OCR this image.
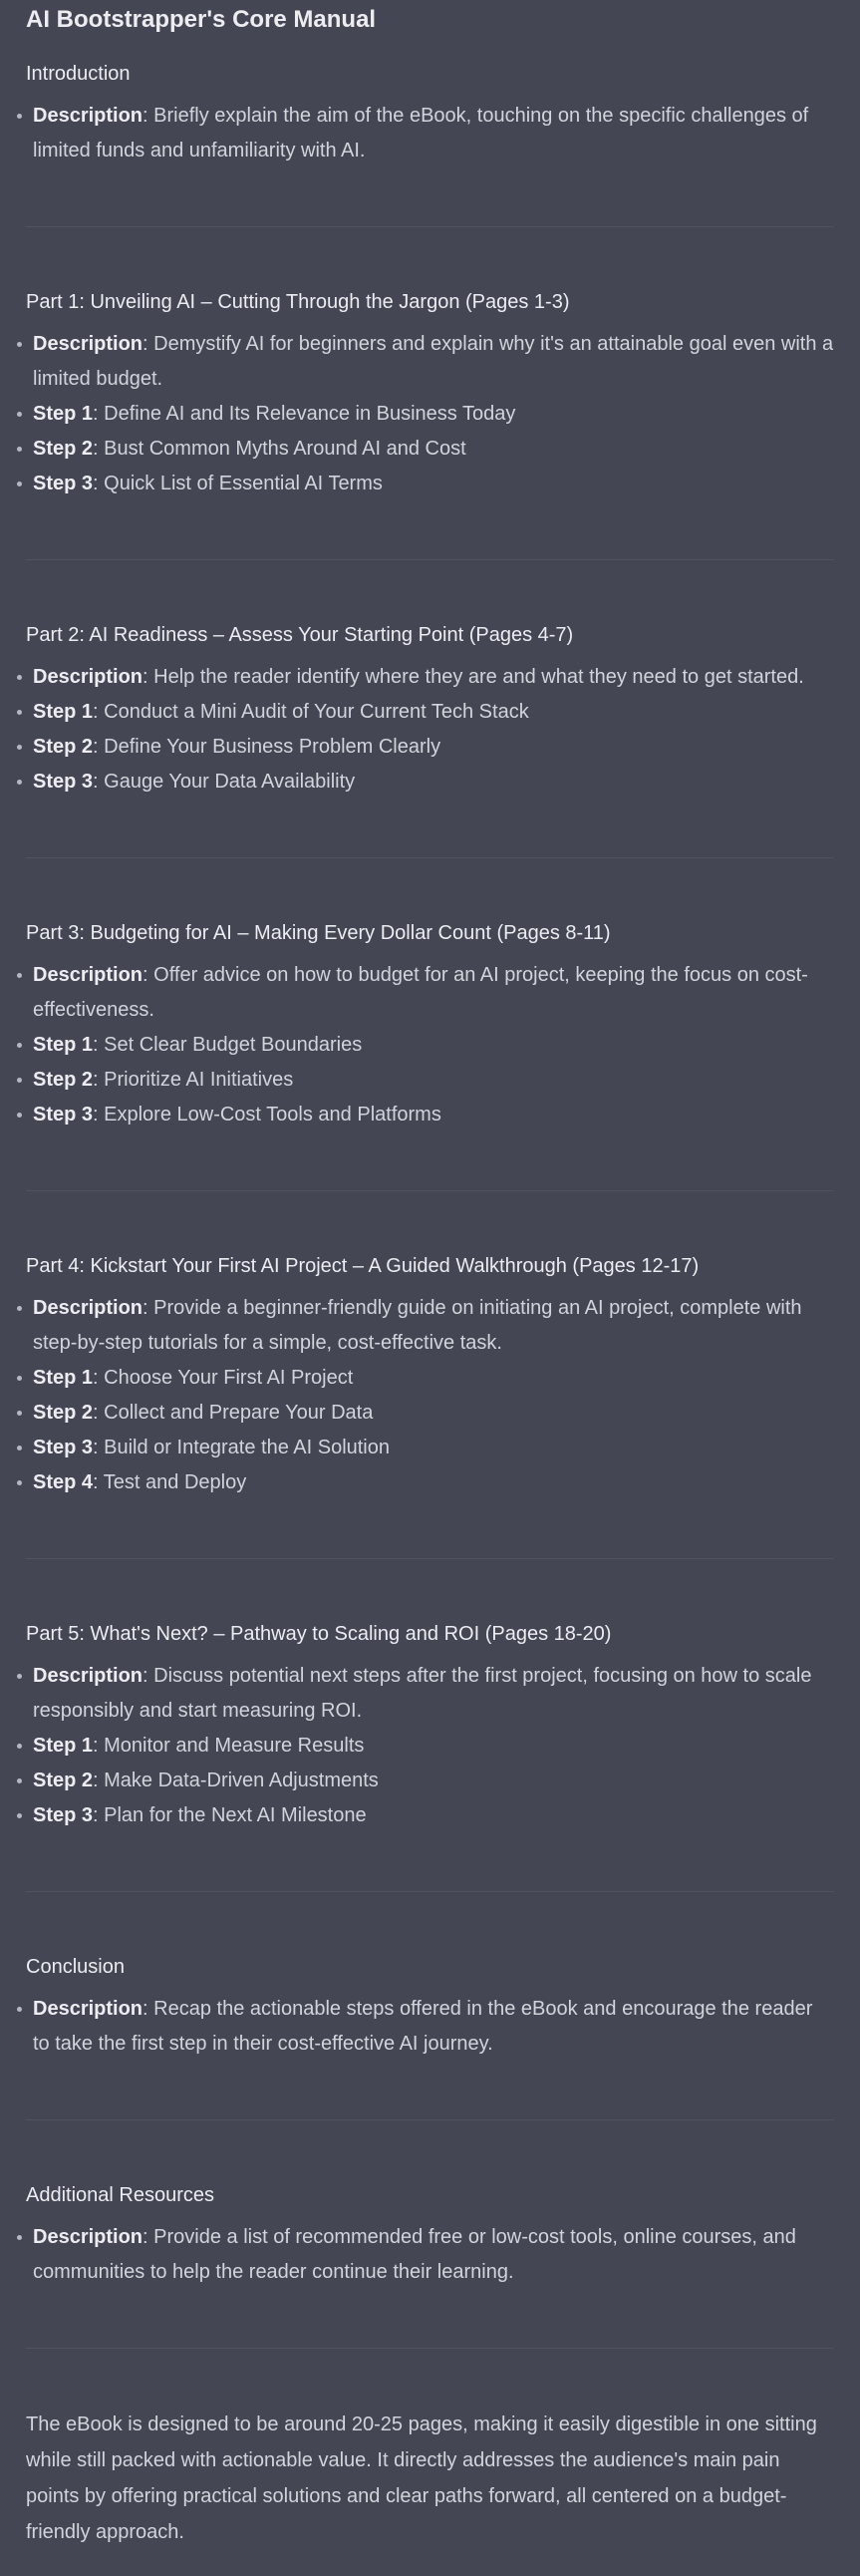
AI Bootstrapper's Core Manual
Introduction
Description: Briefly explain the aim of the eBook, touching on the specific challenges of limited funds and unfamiliarity with AI.
Part 1: Unveiling AI – Cutting Through the Jargon (Pages 1-3)
Description: Demystify AI for beginners and explain why it's an attainable goal even with a limited budget.
Step 1: Define AI and Its Relevance in Business Today
Step 2: Bust Common Myths Around AI and Cost
Step 3: Quick List of Essential AI Terms
Part 2: AI Readiness – Assess Your Starting Point (Pages 4-7)
Description: Help the reader identify where they are and what they need to get started.
Step 1: Conduct a Mini Audit of Your Current Tech Stack
Step 2: Define Your Business Problem Clearly
Step 3: Gauge Your Data Availability
Part 3: Budgeting for AI – Making Every Dollar Count (Pages 8-11)
Description: Offer advice on how to budget for an AI project, keeping the focus on cost-effectiveness.
Step 1: Set Clear Budget Boundaries
Step 2: Prioritize AI Initiatives
Step 3: Explore Low-Cost Tools and Platforms
Part 4: Kickstart Your First AI Project – A Guided Walkthrough (Pages 12-17)
Description: Provide a beginner-friendly guide on initiating an AI project, complete with step-by-step tutorials for a simple, cost-effective task.
Step 1: Choose Your First AI Project
Step 2: Collect and Prepare Your Data
Step 3: Build or Integrate the AI Solution
Step 4: Test and Deploy
Part 5: What's Next? – Pathway to Scaling and ROI (Pages 18-20)
Description: Discuss potential next steps after the first project, focusing on how to scale responsibly and start measuring ROI.
Step 1: Monitor and Measure Results
Step 2: Make Data-Driven Adjustments
Step 3: Plan for the Next AI Milestone
Conclusion
Description: Recap the actionable steps offered in the eBook and encourage the reader to take the first step in their cost-effective AI journey.
Additional Resources
Description: Provide a list of recommended free or low-cost tools, online courses, and communities to help the reader continue their learning.

The eBook is designed to be around 20-25 pages, making it easily digestible in one sitting while still packed with actionable value. It directly addresses the audience's main pain points by offering practical solutions and clear paths forward, all centered on a budget-friendly approach.
